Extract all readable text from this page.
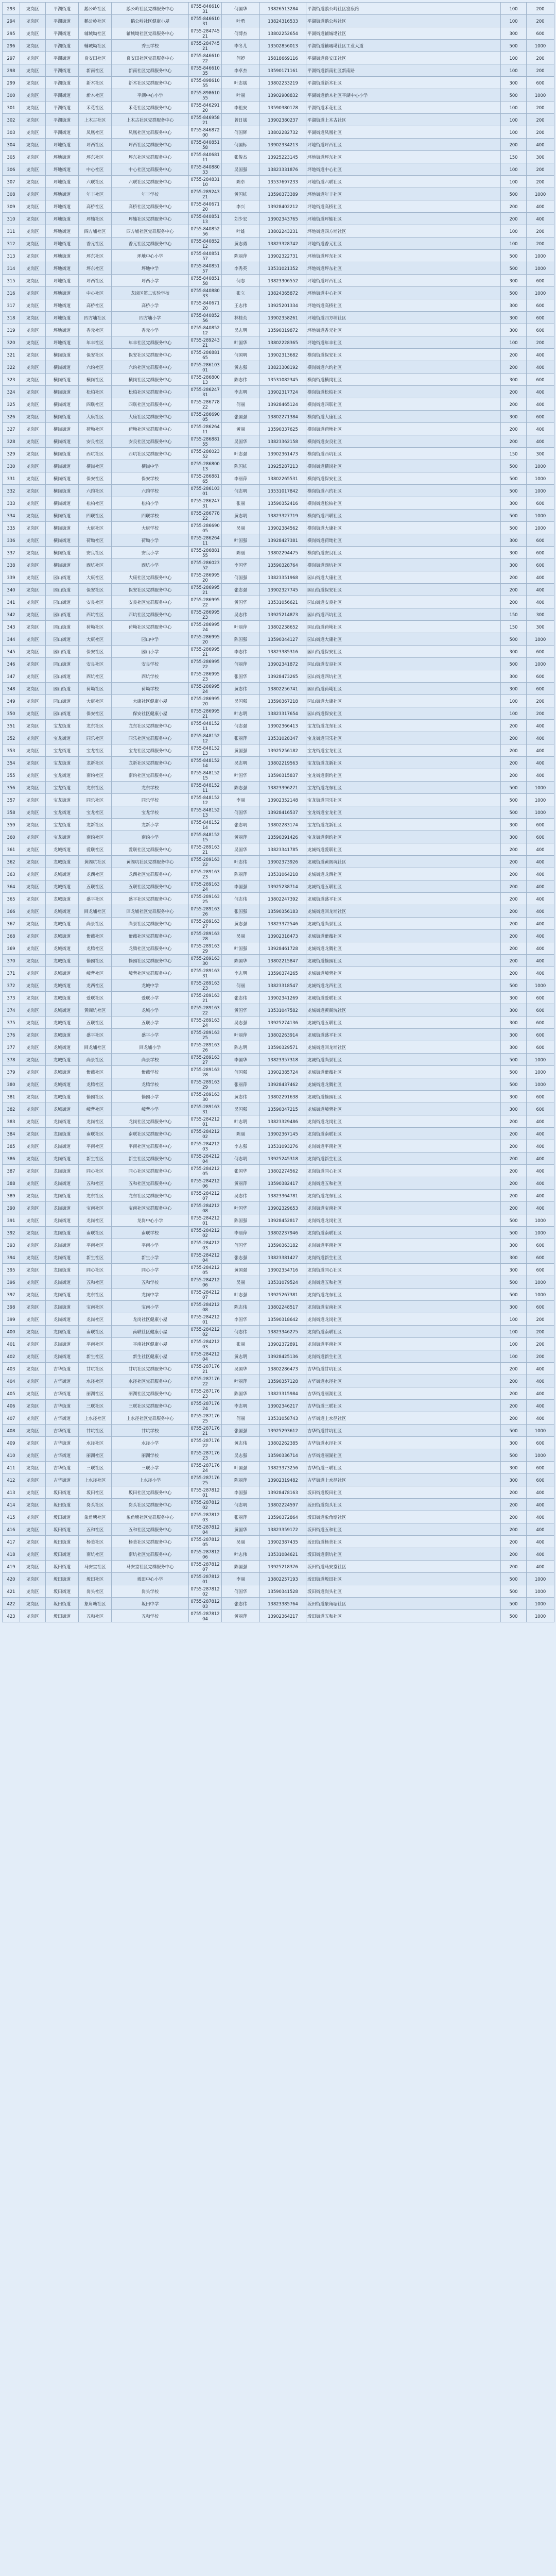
293	龙岗区	平湖街道	鹅公岭社区	鹅公岭社区党群服务中心	0755-84661031	何国华	13826513284	平湖街道鹅公岭社区富康路	100	200
294	龙岗区	平湖街道	鹅公岭社区	鹅公岭社区健康小屋	0755-84661031	叶勇	13824316533	平湖街道鹅公岭社区	100	200
295	龙岗区	平湖街道	辅城坳社区	辅城坳社区党群服务中心	0755-28474521	何博杰	13802252654	平湖街道辅城坳社区	300	600
296	龙岗区	平湖街道	辅城坳社区	秀玉学校	0755-28474521	李冬儿	13502856013	平湖街道辅城坳社区工业大道	500	1000
297	龙岗区	平湖街道	良安田社区	良安田社区党群服务中心	0755-84661022	何婷	15818669116	平湖街道良安田社区	100	200
298	龙岗区	平湖街道	新南社区	新南社区党群服务中心	0755-84661035	李卓杰	13590171161	平湖街道新南社区新南路	100	200
299	龙岗区	平湖街道	新木社区	新木社区党群服务中心	0755-89861055	叶志斌	13802233219	平湖街道新木社区	300	600
300	龙岗区	平湖街道	新木社区	平湖中心小学	0755-89861055	叶丽	13902908832	平湖街道新木社区平湖中心小学	500	1000
301	龙岗区	平湖街道	禾花社区	禾花社区党群服务中心	0755-84629120	李祖安	13590380178	平湖街道禾花社区	100	200
302	龙岗区	平湖街道	上木古社区	上木古社区党群服务中心	0755-84695821	曾日斌	13902380237	平湖街道上木古社区	100	200
303	龙岗区	平湖街道	凤凰社区	凤凰社区党群服务中心	0755-84687200	何国辉	13802282732	平湖街道凤凰社区	100	200
304	龙岗区	坪地街道	坪西社区	坪西社区党群服务中心	0755-84085158	何国标	13902334213	坪地街道坪西社区	200	400
305	龙岗区	坪地街道	坪东社区	坪东社区党群服务中心	0755-84068111	张俊杰	13925223145	坪地街道坪东社区	150	300
306	龙岗区	坪地街道	中心社区	中心社区党群服务中心	0755-84088033	吴国强	13823331876	坪地街道中心社区	100	200
307	龙岗区	坪地街道	六联社区	六联社区党群服务中心	0755-28483110	陈卓	13537697233	坪地街道六联社区	100	200
308	龙岗区	坪地街道	年丰社区	年丰学校	0755-28924321	黄国栋	13590373389	坪地街道年丰社区	500	1000
309	龙岗区	坪地街道	高桥社区	高桥社区党群服务中心	0755-84067120	李兴	13928402212	坪地街道高桥社区	200	400
310	龙岗区	坪地街道	坪轴社区	坪轴社区党群服务中心	0755-84085113	刘少宏	13902343765	坪地街道坪轴社区	200	400
311	龙岗区	坪地街道	四方埔社区	四方埔社区党群服务中心	0755-84085256	叶雄	13802243231	坪地街道四方埔社区	100	200
312	龙岗区	坪地街道	香元社区	香元社区党群服务中心	0755-84085212	黄志勇	13823328742	坪地街道香元社区	100	200
313	龙岗区	坪地街道	坪东社区	坪地中心小学	0755-84085157	陈丽萍	13902322731	坪地街道坪东社区	500	1000
314	龙岗区	坪地街道	坪东社区	坪地中学	0755-84085157	李秀英	13531021352	坪地街道坪东社区	500	1000
315	龙岗区	坪地街道	坪西社区	坪西小学	0755-84085158	何志	13823306552	坪地街道坪西社区	300	600
316	龙岗区	坪地街道	中心社区	龙岗区第二实验学校	0755-84088033	张立	13824365872	坪地街道中心社区	500	1000
317	龙岗区	坪地街道	高桥社区	高桥小学	0755-84067120	王志伟	13925201334	坪地街道高桥社区	300	600
318	龙岗区	坪地街道	四方埔社区	四方埔小学	0755-84085256	林桂英	13902358261	坪地街道四方埔社区	300	600
319	龙岗区	坪地街道	香元社区	香元小学	0755-84085212	吴志明	13590319872	坪地街道香元社区	300	600
320	龙岗区	坪地街道	年丰社区	年丰社区党群服务中心	0755-28924321	叶国华	13802228365	坪地街道年丰社区	100	200
321	龙岗区	横岗街道	保安社区	保安社区党群服务中心	0755-28688165	何国明	13902313682	横岗街道保安社区	200	400
322	龙岗区	横岗街道	六约社区	六约社区党群服务中心	0755-28610301	黄志强	13823308192	横岗街道六约社区	200	400
323	龙岗区	横岗街道	横岗社区	横岗社区党群服务中心	0755-28680013	陈志伟	13531082345	横岗街道横岗社区	300	600
324	龙岗区	横岗街道	松柏社区	松柏社区党群服务中心	0755-28624731	李志明	13902317724	横岗街道松柏社区	200	400
325	龙岗区	横岗街道	四联社区	四联社区党群服务中心	0755-28677822	何丽	13928465124	横岗街道四联社区	200	400
326	龙岗区	横岗街道	大康社区	大康社区党群服务中心	0755-28669005	张国强	13802271384	横岗街道大康社区	300	600
327	龙岗区	横岗街道	荷坳社区	荷坳社区党群服务中心	0755-28626411	黄丽	13590337625	横岗街道荷坳社区	200	400
328	龙岗区	横岗街道	安良社区	安良社区党群服务中心	0755-28688155	吴国华	13823362158	横岗街道安良社区	200	400
329	龙岗区	横岗街道	西坑社区	西坑社区党群服务中心	0755-28602352	叶志强	13902361473	横岗街道西坑社区	150	300
330	龙岗区	横岗街道	横岗社区	横岗中学	0755-28680013	陈国栋	13925287213	横岗街道横岗社区	500	1000
331	龙岗区	横岗街道	保安社区	保安学校	0755-28688165	李丽萍	13802265531	横岗街道保安社区	500	1000
332	龙岗区	横岗街道	六约社区	六约学校	0755-28610301	何志明	13531017842	横岗街道六约社区	500	1000
333	龙岗区	横岗街道	松柏社区	松柏小学	0755-28624731	张丽	13590352416	横岗街道松柏社区	300	600
334	龙岗区	横岗街道	四联社区	四联学校	0755-28677822	黄志明	13823327719	横岗街道四联社区	500	1000
335	龙岗区	横岗街道	大康社区	大康学校	0755-28669005	吴丽	13902384562	横岗街道大康社区	500	1000
336	龙岗区	横岗街道	荷坳社区	荷坳小学	0755-28626411	叶国强	13928427381	横岗街道荷坳社区	300	600
337	龙岗区	横岗街道	安良社区	安良小学	0755-28688155	陈丽	13802294475	横岗街道安良社区	300	600
338	龙岗区	横岗街道	西坑社区	西坑小学	0755-28602352	李国华	13590328764	横岗街道西坑社区	300	600
339	龙岗区	园山街道	大康社区	大康社区党群服务中心	0755-28699520	何国强	13823351968	园山街道大康社区	200	400
340	龙岗区	园山街道	保安社区	保安社区党群服务中心	0755-28699521	张志强	13902327745	园山街道保安社区	200	400
341	龙岗区	园山街道	安良社区	安良社区党群服务中心	0755-28699522	黄国华	13531056621	园山街道安良社区	200	400
342	龙岗区	园山街道	西坑社区	西坑社区党群服务中心	0755-28699523	吴志伟	13925214873	园山街道西坑社区	150	300
343	龙岗区	园山街道	荷坳社区	荷坳社区党群服务中心	0755-28699524	叶丽萍	13802238652	园山街道荷坳社区	150	300
344	龙岗区	园山街道	大康社区	园山中学	0755-28699520	陈国强	13590344127	园山街道大康社区	500	1000
345	龙岗区	园山街道	保安社区	园山小学	0755-28699521	李志伟	13823385316	园山街道保安社区	300	600
346	龙岗区	园山街道	安良社区	安良学校	0755-28699522	何丽萍	13902341872	园山街道安良社区	500	1000
347	龙岗区	园山街道	西坑社区	西坑学校	0755-28699523	张国华	13928473265	园山街道西坑社区	300	600
348	龙岗区	园山街道	荷坳社区	荷坳学校	0755-28699524	黄志伟	13802256741	园山街道荷坳社区	300	600
349	龙岗区	园山街道	大康社区	大康社区健康小屋	0755-28699520	吴国强	13590367218	园山街道大康社区	100	200
350	龙岗区	园山街道	保安社区	保安社区健康小屋	0755-28699521	叶志明	13823317654	园山街道保安社区	100	200
351	龙岗区	宝龙街道	龙东社区	龙东社区党群服务中心	0755-84815211	何志强	13902366413	宝龙街道龙东社区	200	400
352	龙岗区	宝龙街道	同乐社区	同乐社区党群服务中心	0755-84815212	张丽萍	13531028347	宝龙街道同乐社区	200	400
353	龙岗区	宝龙街道	宝龙社区	宝龙社区党群服务中心	0755-84815213	黄国强	13925256182	宝龙街道宝龙社区	200	400
354	龙岗区	宝龙街道	龙新社区	龙新社区党群服务中心	0755-84815214	吴志明	13802219563	宝龙街道龙新社区	200	400
355	龙岗区	宝龙街道	南约社区	南约社区党群服务中心	0755-84815215	叶国华	13590315837	宝龙街道南约社区	200	400
356	龙岗区	宝龙街道	龙东社区	龙东学校	0755-84815211	陈志强	13823396271	宝龙街道龙东社区	500	1000
357	龙岗区	宝龙街道	同乐社区	同乐学校	0755-84815212	李丽	13902352148	宝龙街道同乐社区	500	1000
358	龙岗区	宝龙街道	宝龙社区	宝龙学校	0755-84815213	何国华	13928416537	宝龙街道宝龙社区	500	1000
359	龙岗区	宝龙街道	龙新社区	龙新小学	0755-84815214	张志明	13802283174	宝龙街道龙新社区	300	600
360	龙岗区	宝龙街道	南约社区	南约小学	0755-84815215	黄丽萍	13590391426	宝龙街道南约社区	300	600
361	龙岗区	龙城街道	爱联社区	爱联社区党群服务中心	0755-28916321	吴国华	13823341785	龙城街道爱联社区	200	400
362	龙岗区	龙城街道	黄阁坑社区	黄阁坑社区党群服务中心	0755-28916322	叶志伟	13902373926	龙城街道黄阁坑社区	200	400
363	龙岗区	龙城街道	龙西社区	龙西社区党群服务中心	0755-28916323	陈丽萍	13531064218	龙城街道龙西社区	200	400
364	龙岗区	龙城街道	五联社区	五联社区党群服务中心	0755-28916324	李国强	13925238714	龙城街道五联社区	200	400
365	龙岗区	龙城街道	盛平社区	盛平社区党群服务中心	0755-28916325	何志伟	13802247392	龙城街道盛平社区	200	400
366	龙岗区	龙城街道	回龙埔社区	回龙埔社区党群服务中心	0755-28916326	张国强	13590356183	龙城街道回龙埔社区	200	400
367	龙岗区	龙城街道	尚景社区	尚景社区党群服务中心	0755-28916327	黄志强	13823372546	龙城街道尚景社区	200	400
368	龙岗区	龙城街道	紫薇社区	紫薇社区党群服务中心	0755-28916328	吴丽	13902318473	龙城街道紫薇社区	200	400
369	龙岗区	龙城街道	龙腾社区	龙腾社区党群服务中心	0755-28916329	叶国强	13928461728	龙城街道龙腾社区	200	400
370	龙岗区	龙城街道	愉园社区	愉园社区党群服务中心	0755-28916330	陈国华	13802215847	龙城街道愉园社区	200	400
371	龙岗区	龙城街道	嶂背社区	嶂背社区党群服务中心	0755-28916331	李志明	13590374265	龙城街道嶂背社区	200	400
372	龙岗区	龙城街道	龙西社区	龙城中学	0755-28916323	何丽	13823318547	龙城街道龙西社区	500	1000
373	龙岗区	龙城街道	爱联社区	爱联小学	0755-28916321	张志伟	13902341269	龙城街道爱联社区	300	600
374	龙岗区	龙城街道	黄阁坑社区	龙城小学	0755-28916322	黄国华	13531047582	龙城街道黄阁坑社区	300	600
375	龙岗区	龙城街道	五联社区	五联小学	0755-28916324	吴志强	13925274136	龙城街道五联社区	300	600
376	龙岗区	龙城街道	盛平社区	盛平小学	0755-28916325	叶丽萍	13802263914	龙城街道盛平社区	300	600
377	龙岗区	龙城街道	回龙埔社区	回龙埔小学	0755-28916326	陈志明	13590329571	龙城街道回龙埔社区	300	600
378	龙岗区	龙城街道	尚景社区	尚景学校	0755-28916327	李国华	13823357318	龙城街道尚景社区	500	1000
379	龙岗区	龙城街道	紫薇社区	紫薇学校	0755-28916328	何国强	13902385724	龙城街道紫薇社区	500	1000
380	龙岗区	龙城街道	龙腾社区	龙腾学校	0755-28916329	张丽萍	13928437462	龙城街道龙腾社区	500	1000
381	龙岗区	龙城街道	愉园社区	愉园小学	0755-28916330	黄志伟	13802291638	龙城街道愉园社区	300	600
382	龙岗区	龙城街道	嶂背社区	嶂背小学	0755-28916331	吴国强	13590347215	龙城街道嶂背社区	300	600
383	龙岗区	龙岗街道	龙岗社区	龙岗社区党群服务中心	0755-28421201	叶志明	13823329486	龙岗街道龙岗社区	200	400
384	龙岗区	龙岗街道	南联社区	南联社区党群服务中心	0755-28421202	陈丽	13902367145	龙岗街道南联社区	200	400
385	龙岗区	龙岗街道	平南社区	平南社区党群服务中心	0755-28421203	李志强	13531093276	龙岗街道平南社区	200	400
386	龙岗区	龙岗街道	新生社区	新生社区党群服务中心	0755-28421204	何志明	13925245318	龙岗街道新生社区	200	400
387	龙岗区	龙岗街道	同心社区	同心社区党群服务中心	0755-28421205	张国华	13802274562	龙岗街道同心社区	200	400
388	龙岗区	龙岗街道	五和社区	五和社区党群服务中心	0755-28421206	黄丽萍	13590382417	龙岗街道五和社区	200	400
389	龙岗区	龙岗街道	龙东社区	龙东社区党群服务中心	0755-28421207	吴志伟	13823364781	龙岗街道龙东社区	200	400
390	龙岗区	龙岗街道	宝南社区	宝南社区党群服务中心	0755-28421208	叶国华	13902329653	龙岗街道宝南社区	200	400
391	龙岗区	龙岗街道	龙岗社区	龙岗中心小学	0755-28421201	陈国强	13928452817	龙岗街道龙岗社区	500	1000
392	龙岗区	龙岗街道	南联社区	南联学校	0755-28421202	李丽萍	13802237946	龙岗街道南联社区	500	1000
393	龙岗区	龙岗街道	平南社区	平南小学	0755-28421203	何国华	13590363182	龙岗街道平南社区	300	600
394	龙岗区	龙岗街道	新生社区	新生小学	0755-28421204	张志强	13823381427	龙岗街道新生社区	300	600
395	龙岗区	龙岗街道	同心社区	同心小学	0755-28421205	黄国强	13902354716	龙岗街道同心社区	300	600
396	龙岗区	龙岗街道	五和社区	五和学校	0755-28421206	吴丽	13531079524	龙岗街道五和社区	500	1000
397	龙岗区	龙岗街道	龙东社区	龙岗中学	0755-28421207	叶志强	13925267381	龙岗街道龙东社区	500	1000
398	龙岗区	龙岗街道	宝南社区	宝南小学	0755-28421208	陈志伟	13802248517	龙岗街道宝南社区	300	600
399	龙岗区	龙岗街道	龙岗社区	龙岗社区健康小屋	0755-28421201	李国华	13590318642	龙岗街道龙岗社区	100	200
400	龙岗区	龙岗街道	南联社区	南联社区健康小屋	0755-28421202	何志伟	13823346275	龙岗街道南联社区	100	200
401	龙岗区	龙岗街道	平南社区	平南社区健康小屋	0755-28421203	张丽	13902372891	龙岗街道平南社区	100	200
402	龙岗区	龙岗街道	新生社区	新生社区健康小屋	0755-28421204	黄志明	13928425136	龙岗街道新生社区	100	200
403	龙岗区	吉华街道	甘坑社区	甘坑社区党群服务中心	0755-28717621	吴国华	13802286473	吉华街道甘坑社区	200	400
404	龙岗区	吉华街道	水径社区	水径社区党群服务中心	0755-28717622	叶丽萍	13590357128	吉华街道水径社区	200	400
405	龙岗区	吉华街道	丽湖社区	丽湖社区党群服务中心	0755-28717623	陈国华	13823315984	吉华街道丽湖社区	200	400
406	龙岗区	吉华街道	三联社区	三联社区党群服务中心	0755-28717624	李志明	13902346217	吉华街道三联社区	200	400
407	龙岗区	吉华街道	上水径社区	上水径社区党群服务中心	0755-28717625	何丽	13531058743	吉华街道上水径社区	200	400
408	龙岗区	吉华街道	甘坑社区	甘坑学校	0755-28717621	张国强	13925293612	吉华街道甘坑社区	500	1000
409	龙岗区	吉华街道	水径社区	水径小学	0755-28717622	黄志伟	13802262385	吉华街道水径社区	300	600
410	龙岗区	吉华街道	丽湖社区	丽湖学校	0755-28717623	吴志强	13590336714	吉华街道丽湖社区	500	1000
411	龙岗区	吉华街道	三联社区	三联小学	0755-28717624	叶国强	13823373256	吉华街道三联社区	300	600
412	龙岗区	吉华街道	上水径社区	上水径小学	0755-28717625	陈丽萍	13902319482	吉华街道上水径社区	300	600
413	龙岗区	坂田街道	坂田社区	坂田社区党群服务中心	0755-28781201	李国强	13928478163	坂田街道坂田社区	200	400
414	龙岗区	坂田街道	岗头社区	岗头社区党群服务中心	0755-28781202	何志明	13802224597	坂田街道岗头社区	200	400
415	龙岗区	坂田街道	象角塘社区	象角塘社区党群服务中心	0755-28781203	张丽萍	13590372864	坂田街道象角塘社区	200	400
416	龙岗区	坂田街道	五和社区	五和社区党群服务中心	0755-28781204	黄国华	13823359172	坂田街道五和社区	200	400
417	龙岗区	坂田街道	杨美社区	杨美社区党群服务中心	0755-28781205	吴丽	13902387435	坂田街道杨美社区	200	400
418	龙岗区	坂田街道	南坑社区	南坑社区党群服务中心	0755-28781206	叶志伟	13531084621	坂田街道南坑社区	200	400
419	龙岗区	坂田街道	马安堂社区	马安堂社区党群服务中心	0755-28781207	陈国强	13925218376	坂田街道马安堂社区	200	400
420	龙岗区	坂田街道	坂田社区	坂田中心小学	0755-28781201	李丽	13802257193	坂田街道坂田社区	500	1000
421	龙岗区	坂田街道	岗头社区	岗头学校	0755-28781202	何国华	13590341528	坂田街道岗头社区	500	1000
422	龙岗区	坂田街道	象角塘社区	坂田中学	0755-28781203	张志伟	13823385764	坂田街道象角塘社区	500	1000
423	龙岗区	坂田街道	五和社区	五和学校	0755-28781204	黄丽萍	13902364217	坂田街道五和社区	500	1000
